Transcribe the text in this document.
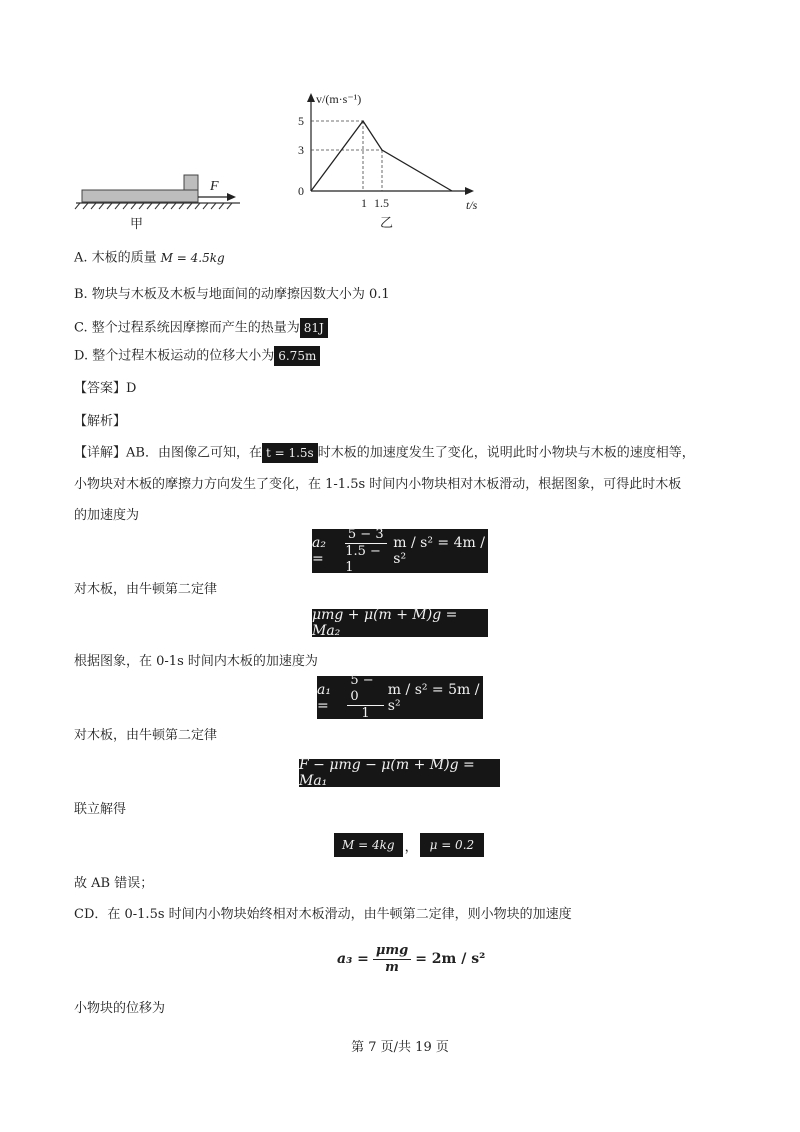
F
甲
v/(m·s⁻¹)
t/s
5
3
0
1 1.5
乙
A. 木板的质量 M = 4.5kg
B. 物块与木板及木板与地面间的动摩擦因数大小为 0.1
C. 整个过程系统因摩擦而产生的热量为 81J
D. 整个过程木板运动的位移大小为 6.75m
【答案】D
【解析】
【详解】AB．由图像乙可知，在 t = 1.5s 时木板的加速度发生了变化，说明此时小物块与木板的速度相等，
小物块对木板的摩擦力方向发生了变化，在 1-1.5s 时间内小物块相对木板滑动，根据图象，可得此时木板
的加速度为
a₂ =	$\frac{5 - 3}{1.5 - 1}$ m / s² = 4m / s²
对木板，由牛顿第二定律
μmg + μ(m + M)g = Ma₂
根据图象，在 0-1s 时间内木板的加速度为
a₁ =	$\frac{5 - 0}{1}$ m / s² = 5m / s²
对木板，由牛顿第二定律
F − μmg − μ(m + M)g = Ma₁
联立解得
M = 4kg ，	μ = 0.2
故 AB 错误；
CD．在 0-1.5s 时间内小物块始终相对木板滑动，由牛顿第二定律，则小物块的加速度
$a_3 = \frac{\text{μmg}}{m} = 2m / s^2$
小物块的位移为
第 7 页/共 19 页
